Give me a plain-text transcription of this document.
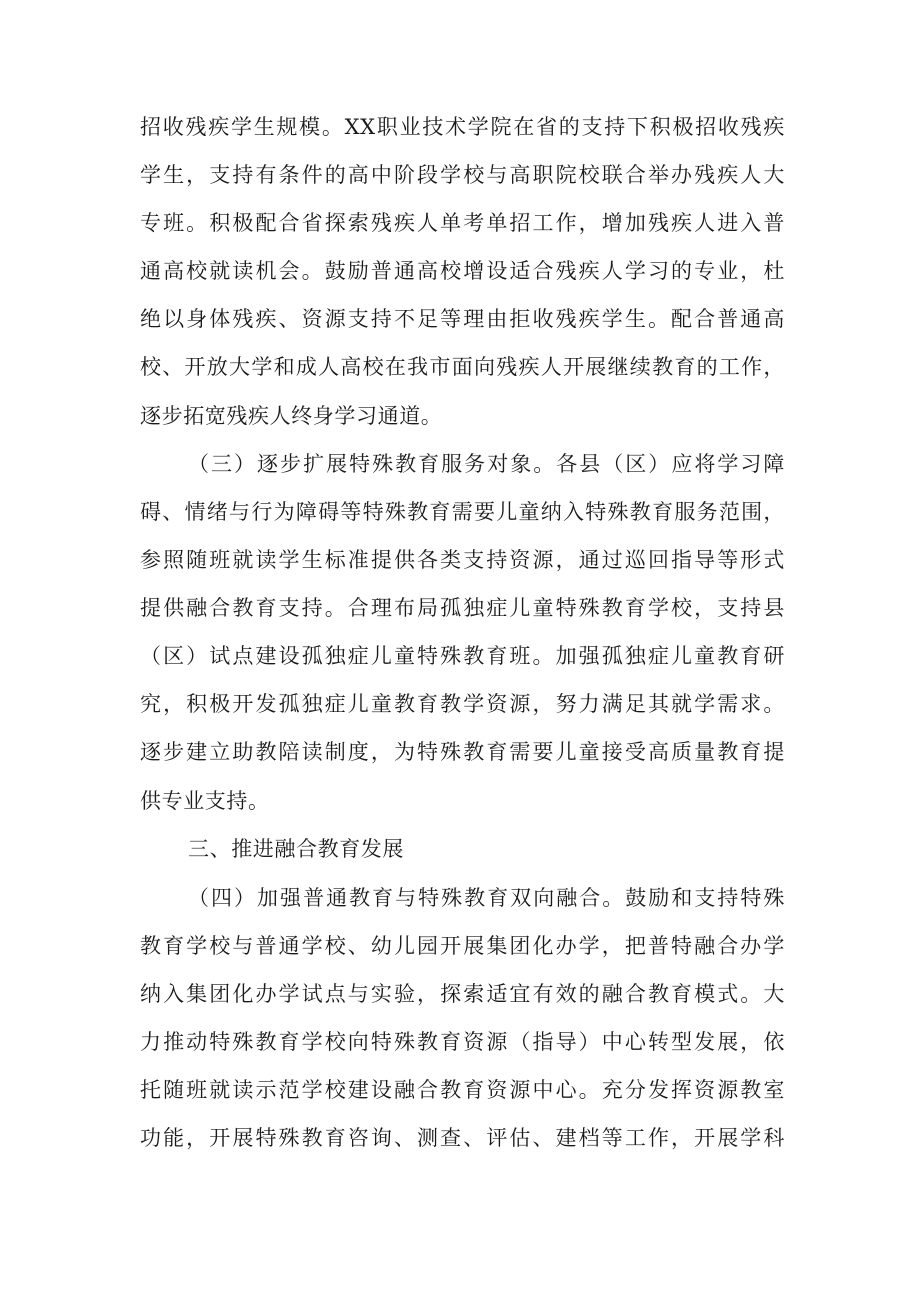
招收残疾学生规模。XX职业技术学院在省的支持下积极招收残疾
学生，支持有条件的高中阶段学校与高职院校联合举办残疾人大
专班。积极配合省探索残疾人单考单招工作，增加残疾人进入普
通高校就读机会。鼓励普通高校增设适合残疾人学习的专业，杜
绝以身体残疾、资源支持不足等理由拒收残疾学生。配合普通高
校、开放大学和成人高校在我市面向残疾人开展继续教育的工作，
逐步拓宽残疾人终身学习通道。
（三）逐步扩展特殊教育服务对象。各县（区）应将学习障
碍、情绪与行为障碍等特殊教育需要儿童纳入特殊教育服务范围，
参照随班就读学生标准提供各类支持资源，通过巡回指导等形式
提供融合教育支持。合理布局孤独症儿童特殊教育学校，支持县
（区）试点建设孤独症儿童特殊教育班。加强孤独症儿童教育研
究，积极开发孤独症儿童教育教学资源，努力满足其就学需求。
逐步建立助教陪读制度，为特殊教育需要儿童接受高质量教育提
供专业支持。
三、推进融合教育发展
（四）加强普通教育与特殊教育双向融合。鼓励和支持特殊
教育学校与普通学校、幼儿园开展集团化办学，把普特融合办学
纳入集团化办学试点与实验，探索适宜有效的融合教育模式。大
力推动特殊教育学校向特殊教育资源（指导）中心转型发展，依
托随班就读示范学校建设融合教育资源中心。充分发挥资源教室
功能，开展特殊教育咨询、测查、评估、建档等工作，开展学科
